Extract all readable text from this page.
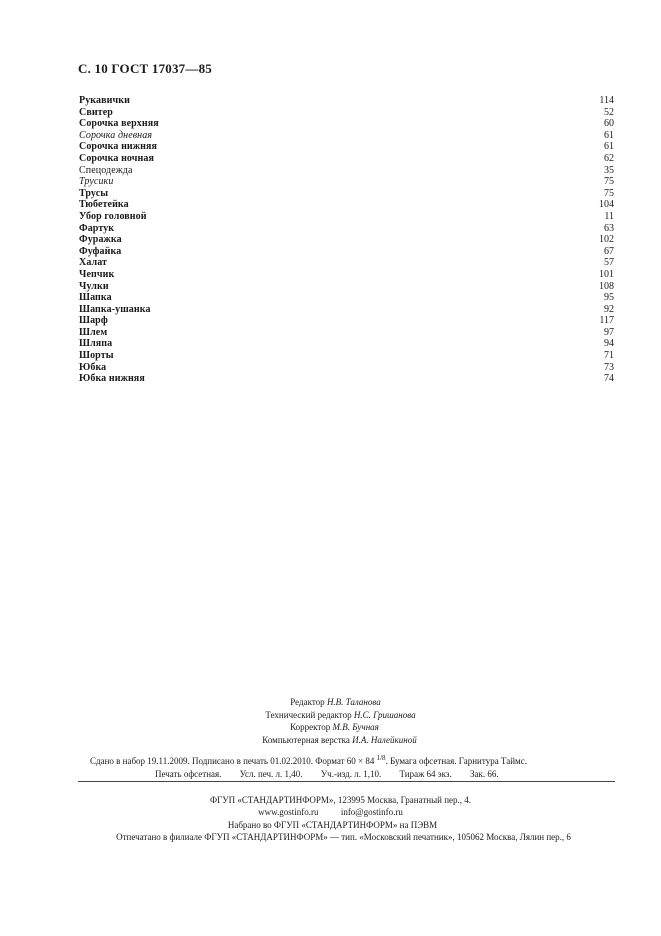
С. 10 ГОСТ 17037—85
Рукавички	114
Свитер	52
Сорочка верхняя	60
Сорочка дневная	61
Сорочка нижняя	61
Сорочка ночная	62
Спецодежда	35
Трусики	75
Трусы	75
Тюбетейка	104
Убор головной	11
Фартук	63
Фуражка	102
Фуфайка	67
Халат	57
Чепчик	101
Чулки	108
Шапка	95
Шапка-ушанка	92
Шарф	117
Шлем	97
Шляпа	94
Шорты	71
Юбка	73
Юбка нижняя	74
Редактор Н.В. Таланова
Технический редактор Н.С. Гришанова
Корректор М.В. Бучная
Компьютерная верстка И.А. Налейкиной
Сдано в набор 19.11.2009. Подписано в печать 01.02.2010. Формат 60 × 84 $^{1/8}$. Бумага офсетная. Гарнитура Таймс.
Печать офсетная. Усл. печ. л. 1,40. Уч.-изд. л. 1,10. Тираж 64 экз. Зак. 66.
ФГУП «СТАНДАРТИНФОРМ», 123995 Москва, Гранатный пер., 4.
www.gostinfo.ru info@gostinfo.ru
Набрано во ФГУП «СТАНДАРТИНФОРМ» на ПЭВМ
Отпечатано в филиале ФГУП «СТАНДАРТИНФОРМ» — тип. «Московский печатник», 105062 Москва, Лялин пер., 6
